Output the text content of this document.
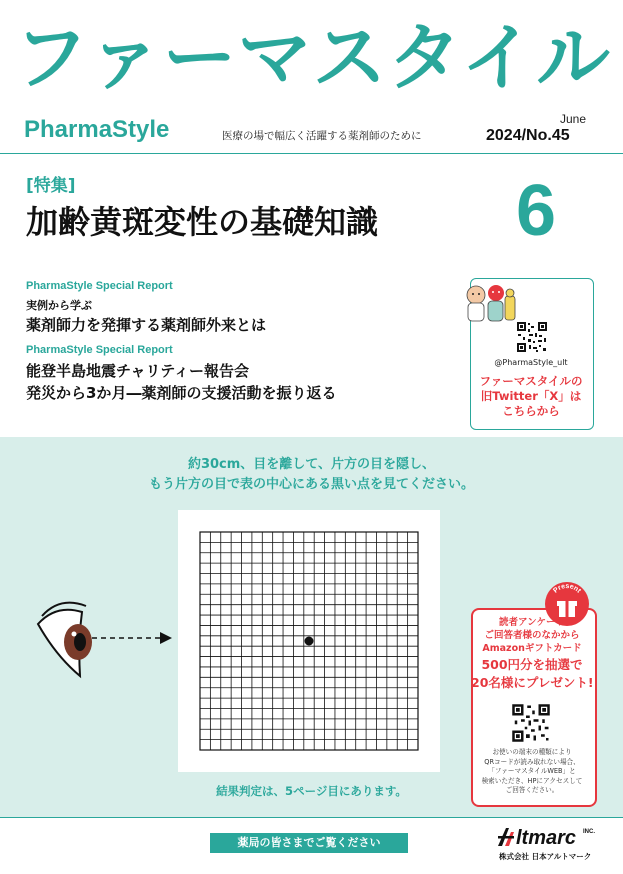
ファーマスタイル
PharmaStyle	医療の場で幅広く活躍する薬剤師のために
June
2024/No.45
[特集]
加齢黄斑変性の基礎知識 6
PharmaStyle Special Report
実例から学ぶ
薬剤師力を発揮する薬剤師外来とは
PharmaStyle Special Report
能登半島地震チャリティー報告会
発災から3か月―薬剤師の支援活動を振り返る
@PharmaStyle_ult
ファーマスタイルの
旧Twitter「X」は
こちらから
約30cm、目を離して、片方の目を隠し、
もう片方の目で表の中心にある黒い点を見てください。
結果判定は、5ページ目にあります。
Present
読者アンケート
ご回答者様のなかから
Amazonギフトカード
500円分を抽選で
20名様にプレゼント!
お使いの端末の種類により
QRコードが読み取れない場合、
「ファーマスタイルWEB」と
検索いただき、HPにアクセスして
ご回答ください。
薬局の皆さまでご覧ください	ltmarc INC.
株式会社 日本アルトマーク
